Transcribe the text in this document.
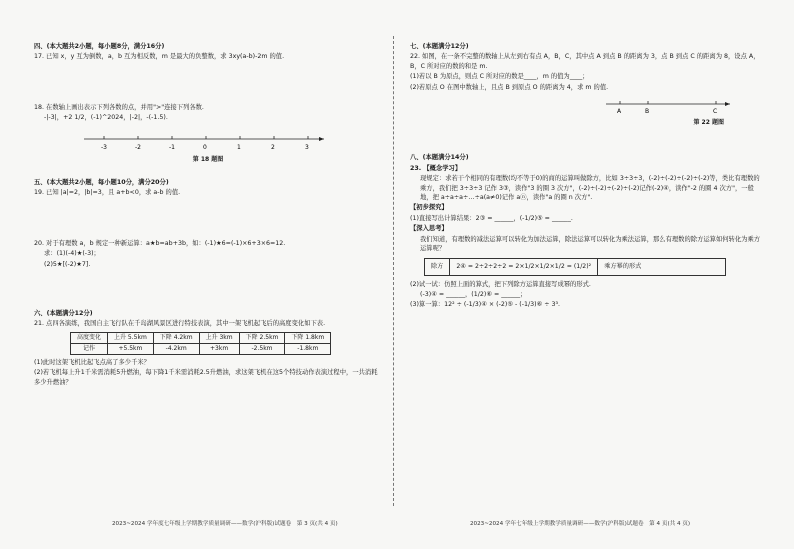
四、(本大题共2小题，每小题8分，满分16分)
17. 已知 x，y 互为倒数，a，b 互为相反数，m 是最大的负整数，求 3xy(a-b)-2m 的值.
18. 在数轴上画出表示下列各数的点，并用">"连接下列各数.
-|-3|，+2 1/2，(-1)^2024，|-2|，-(-1.5).
-3	-2	-1	0	1	2	3
第 18 题图
五、(本大题共2小题，每小题10分，满分20分)
19. 已知 |a|=2，|b|=3，且 a+b<0，求 a-b 的值.
20. 对于有理数 a，b 规定一种新运算：a★b=ab+3b，如：(-1)★6=(-1)×6+3×6=12.
求：(1)(-4)★(-3)；
(2)5★[(-2)★7].
六、(本题满分12分)
21. 点四各演练，我国自主飞行队在千岛湖风景区进行特技表演，其中一架飞机起飞后的高度变化如下表.
高度变化	上升 5.5km	下降 4.2km	上升 3km	下降 2.5km	下降 1.8km
记作	+5.5km	-4.2km	+3km	-2.5km	-1.8km
(1)此时这架飞机比起飞点高了多少千米？
(2)若飞机每上升1千米需消耗5升燃油，每下降1千米需消耗2.5升燃油，求这架飞机在这5个特技动作表演过程中，一共消耗多少升燃油？
七、(本题满分12分)
22. 如图，在一条不完整的数轴上从左到右有点 A，B，C，其中点 A 到点 B 的距离为 3，点 B 到点 C 的距离为 8，设点 A，B，C 所对应的数的和是 m.
(1)若以 B 为原点，则点 C 所对应的数是____，m 的值为____；
(2)若原点 O 在图中数轴上，且点 B 到原点 O 的距离为 4，求 m 的值.
A	B	C
第 22 题图
八、(本题满分14分)
23. 【概念学习】
现规定：求若干个相同的有理数(均不等于0)的商的运算叫做除方，比如 3÷3÷3，(-2)÷(-2)÷(-2)÷(-2)等，类比有理数的乘方，我们把 3÷3÷3 记作 3③，读作"3 的圈 3 次方"，(-2)÷(-2)÷(-2)÷(-2)记作(-2)④，读作"-2 的圈 4 次方"，一般地，把 a÷a÷a÷…÷a(a≠0)记作 aⓝ，读作"a 的圈 n 次方".
【初步探究】
(1)直接写出计算结果：2③ = ______，(-1/2)⑤ = ______.
【深入思考】
我们知道，有理数的减法运算可以转化为加法运算，除法运算可以转化为乘法运算，那么有理数的除方运算如何转化为乘方运算呢？
除方	2④ = 2÷2÷2÷2 = 2×1/2×1/2×1/2 = (1/2)²	乘方幂的形式
(2)试一试：仿照上面的算式，把下列除方运算直接写成幂的形式.
(-3)④ = ______，(1/2)⑥ = ______；
(3)算一算：12² ÷ (-1/3)④ × (-2)⑤ - (-1/3)⑥ ÷ 3³.
2023~2024 学年度七年级上学期教学质量调研——数学(沪科版)试题卷　第 3 页(共 4 页)	2023~2024 学年七年级上学期教学质量调研——数学(沪科版)试题卷　第 4 页(共 4 页)
